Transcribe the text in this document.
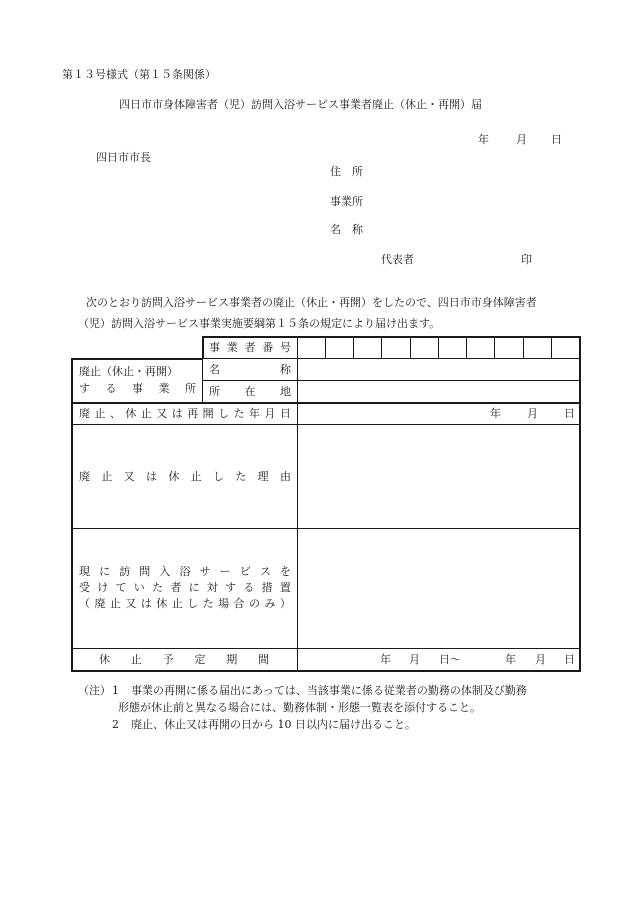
第１３号様式（第１５条関係）
四日市市身体障害者（児）訪問入浴サービス事業者廃止（休止・再開）届
年 月 日
四日市市長
住　所
事業所
名　称
代表者	印
次のとおり訪問入浴サービス事業者の廃止（休止・再開）をしたので、四日市市身体障害者
（児）訪問入浴サービス事業実施要綱第１５条の規定により届け出ます。
事 業 者 番 号
廃止（休止・再開）
す る 事 業 所
名	称
所 在 地
廃 止 、 休 止 又 は 再 開 し た 年 月 日	年 月 日
廃 止 又 は 休 止 し た 理 由
現 に 訪 問 入 浴 サ ー ビ ス を
受 け て い た 者 に 対 す る 措 置
（ 廃 止 又 は 休 止 し た 場 合 の み ）
休 止 予 定 期 間	年 月 日〜	年 月 日
（注） 1 事業の再開に係る届出にあっては、当該事業に係る従業者の勤務の体制及び勤務
形態が休止前と異なる場合には、勤務体制・形態一覧表を添付すること。
2 廃止、休止又は再開の日から 10 日以内に届け出ること。
